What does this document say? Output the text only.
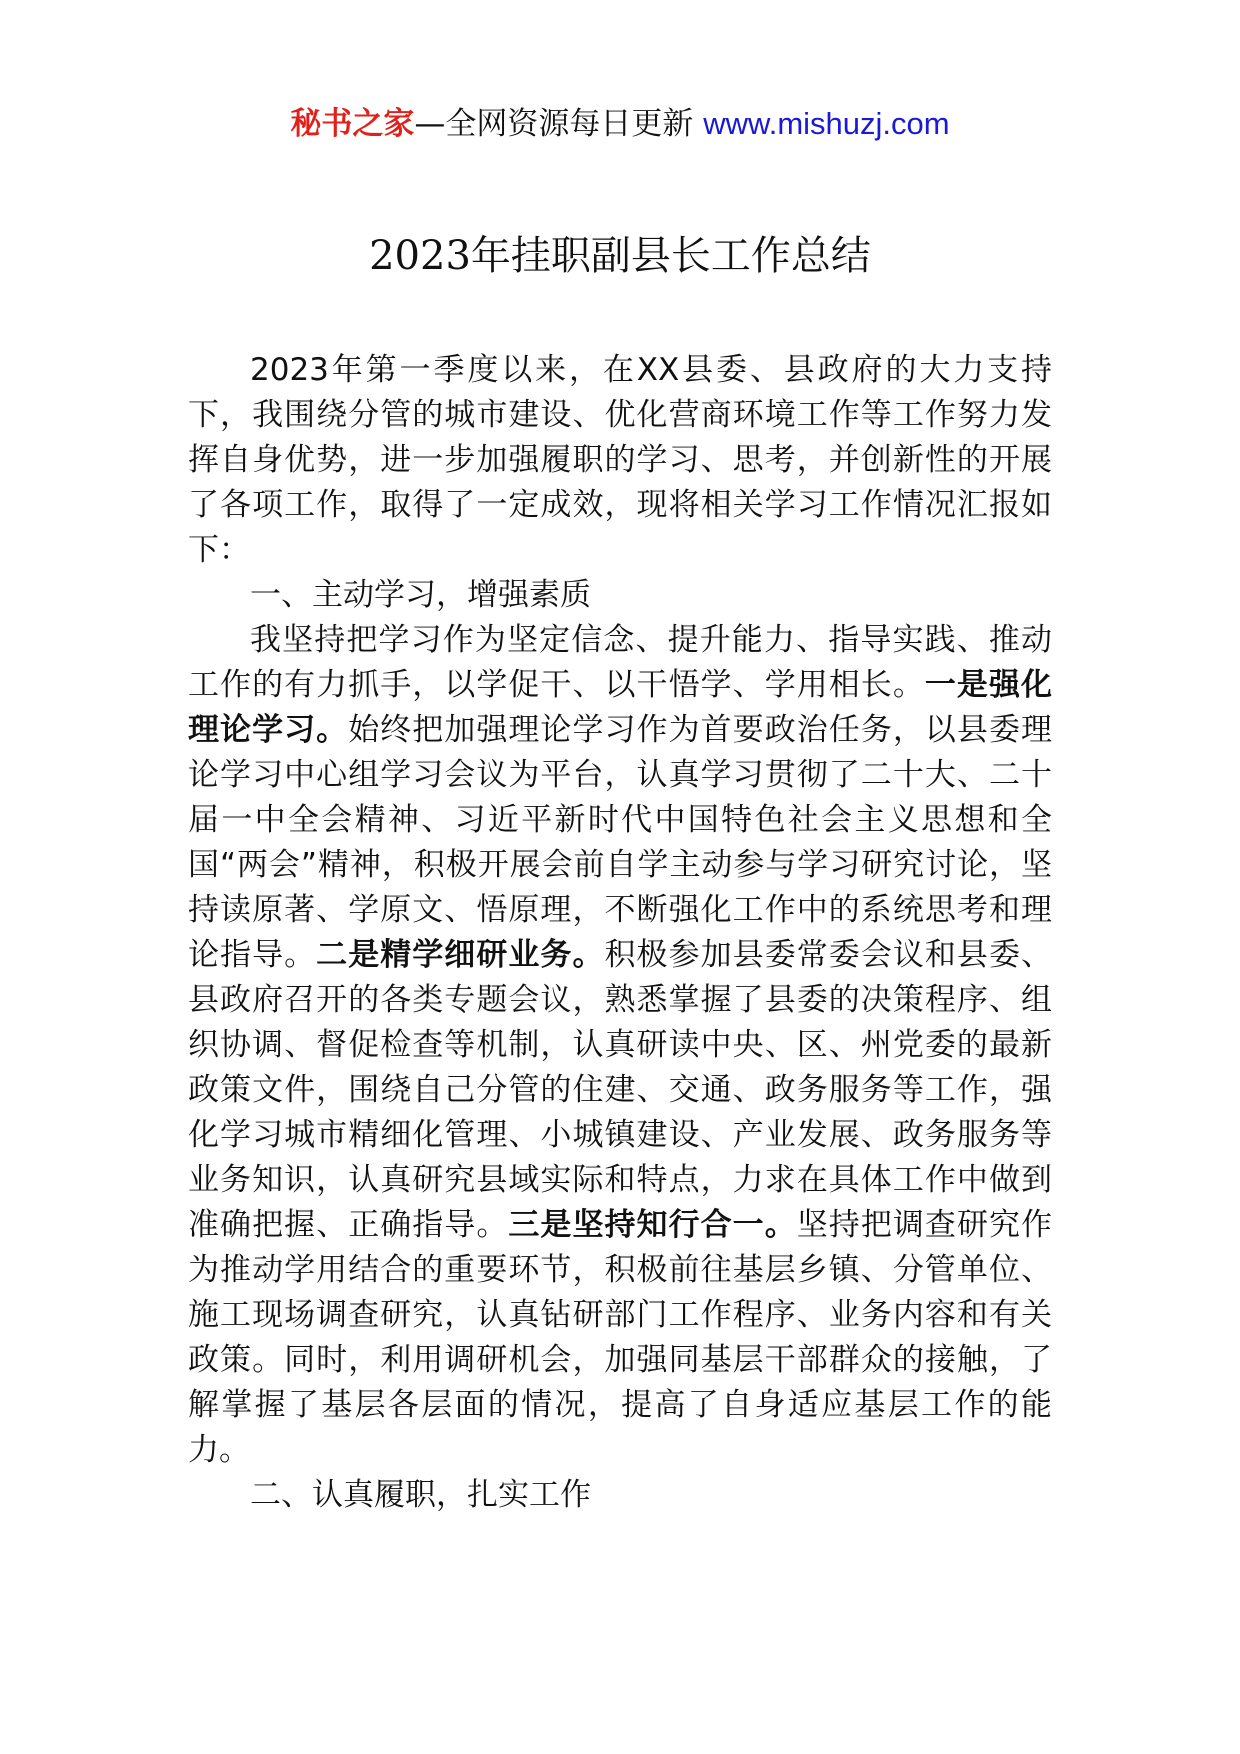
秘书之家—全网资源每日更新 www.mishuzj.com
2023年挂职副县长工作总结

2023年第一季度以来，在XX县委、县政府的大力支持下，我围绕分管的城市建设、优化营商环境工作等工作努力发挥自身优势，进一步加强履职的学习、思考，并创新性的开展了各项工作，取得了一定成效，现将相关学习工作情况汇报如下：

一、主动学习，增强素质

我坚持把学习作为坚定信念、提升能力、指导实践、推动工作的有力抓手，以学促干、以干悟学、学用相长。一是强化理论学习。始终把加强理论学习作为首要政治任务，以县委理论学习中心组学习会议为平台，认真学习贯彻了二十大、二十届一中全会精神、习近平新时代中国特色社会主义思想和全国“两会”精神，积极开展会前自学主动参与学习研究讨论，坚持读原著、学原文、悟原理，不断强化工作中的系统思考和理论指导。二是精学细研业务。积极参加县委常委会议和县委、县政府召开的各类专题会议，熟悉掌握了县委的决策程序、组织协调、督促检查等机制，认真研读中央、区、州党委的最新政策文件，围绕自己分管的住建、交通、政务服务等工作，强化学习城市精细化管理、小城镇建设、产业发展、政务服务等业务知识，认真研究县域实际和特点，力求在具体工作中做到准确把握、正确指导。三是坚持知行合一。坚持把调查研究作为推动学用结合的重要环节，积极前往基层乡镇、分管单位、施工现场调查研究，认真钻研部门工作程序、业务内容和有关政策。同时，利用调研机会，加强同基层干部群众的接触，了解掌握了基层各层面的情况，提高了自身适应基层工作的能力。

二、认真履职，扎实工作
